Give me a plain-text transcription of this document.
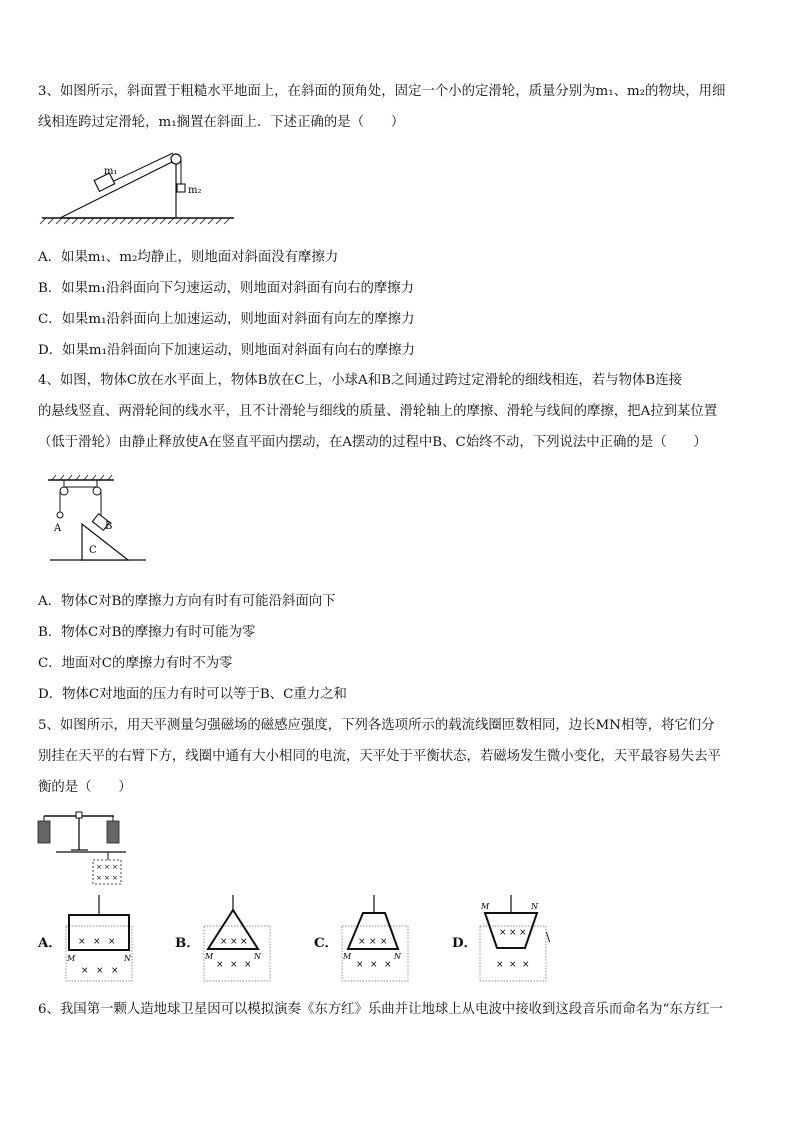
3、如图所示，斜面置于粗糙水平地面上，在斜面的顶角处，固定一个小的定滑轮，质量分别为m₁、m₂的物块，用细
线相连跨过定滑轮，m₁搁置在斜面上．下述正确的是（　　）
m₁
m₂
A．如果m₁、m₂均静止，则地面对斜面没有摩擦力
B．如果m₁沿斜面向下匀速运动，则地面对斜面有向右的摩擦力
C．如果m₁沿斜面向上加速运动，则地面对斜面有向左的摩擦力
D．如果m₁沿斜面向下加速运动，则地面对斜面有向右的摩擦力
4、如图，物体C放在水平面上，物体B放在C上，小球A和B之间通过跨过定滑轮的细线相连，若与物体B连接
的悬线竖直、两滑轮间的线水平，且不计滑轮与细线的质量、滑轮轴上的摩擦、滑轮与线间的摩擦，把A拉到某位置
（低于滑轮）由静止释放使A在竖直平面内摆动，在A摆动的过程中B、C始终不动，下列说法中正确的是（　　）
A	B
C
A．物体C对B的摩擦力方向有时有可能沿斜面向下
B．物体C对B的摩擦力有时可能为零
C．地面对C的摩擦力有时不为零
D．物体C对地面的压力有时可以等于B、C重力之和
5、如图所示，用天平测量匀强磁场的磁感应强度，下列各选项所示的载流线圈匝数相同，边长MN相等，将它们分
别挂在天平的右臂下方，线圈中通有大小相同的电流，天平处于平衡状态，若磁场发生微小变化，天平最容易失去平
衡的是（　　）
× × ×
× × ×
A． × × ×
× × ×
M	N
B． × × ×
× × ×
M	N
C． × × ×
× × ×
M	N
D．
× × ×
× × ×
M	N
\
6、我国第一颗人造地球卫星因可以模拟演奏《东方红》乐曲并让地球上从电波中接收到这段音乐而命名为“东方红一
